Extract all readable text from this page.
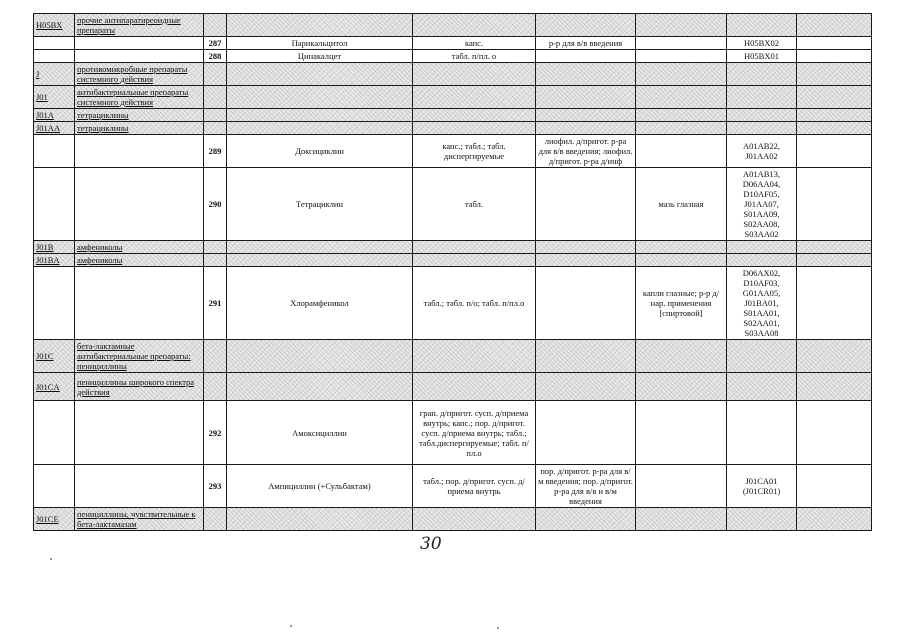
H05BX	прочие антипаратиреоидные препараты							
		287	Парикальцитол	капс.	р-р для в/в введения		H05BX02	
		288	Цинакалцет	табл. п/пл. о			H05BX01	
J	противомикробные препараты системного действия							
J01	антибактериальные препараты системного действия							
J01A	тетрациклины							
J01AA	тетрациклины							
		289	Доксициклин	капс.; табл.; табл. диспергируемые	лиофил. д/пригот. р-ра для в/в введения; лиофил. д/пригот. р-ра д/инф		A01AB22, J01AA02	
		290	Тетрациклин	табл.		мазь глазная	A01AB13, D06AA04, D10AF05, J01AA07, S01AA09, S02AA08, S03AA02	
J01B	амфениколы							
J01BA	амфениколы							
		291	Хлорамфеникол	табл.; табл. п/о; табл. п/пл.о		капли глазные; р-р д/нар. применения [спиртовой]	D06AX02, D10AF03, G01AA05, J01BA01, S01AA01, S02AA01, S03AA08	
J01C	бета-лактамные антибактериальные препараты: пенициллины							
J01CA	пенициллины широкого спектра действия							
		292	Амоксициллин	гран. д/пригот. сусп. д/приема внутрь; капс.; пор. д/пригот. сусп. д/приема внутрь; табл.; табл.диспергируемые; табл. п/пл.о				
		293	Ампициллин (+Сульбактам)	табл.; пор. д/пригот. сусп. д/приема внутрь	пор. д/пригот. р-ра для в/м введения; пор. д/пригот. р-ра для в/в и в/м введения		J01CA01 (J01CR01)	
J01CE	пенициллины, чувствительные к бета-лактамазам							
30
